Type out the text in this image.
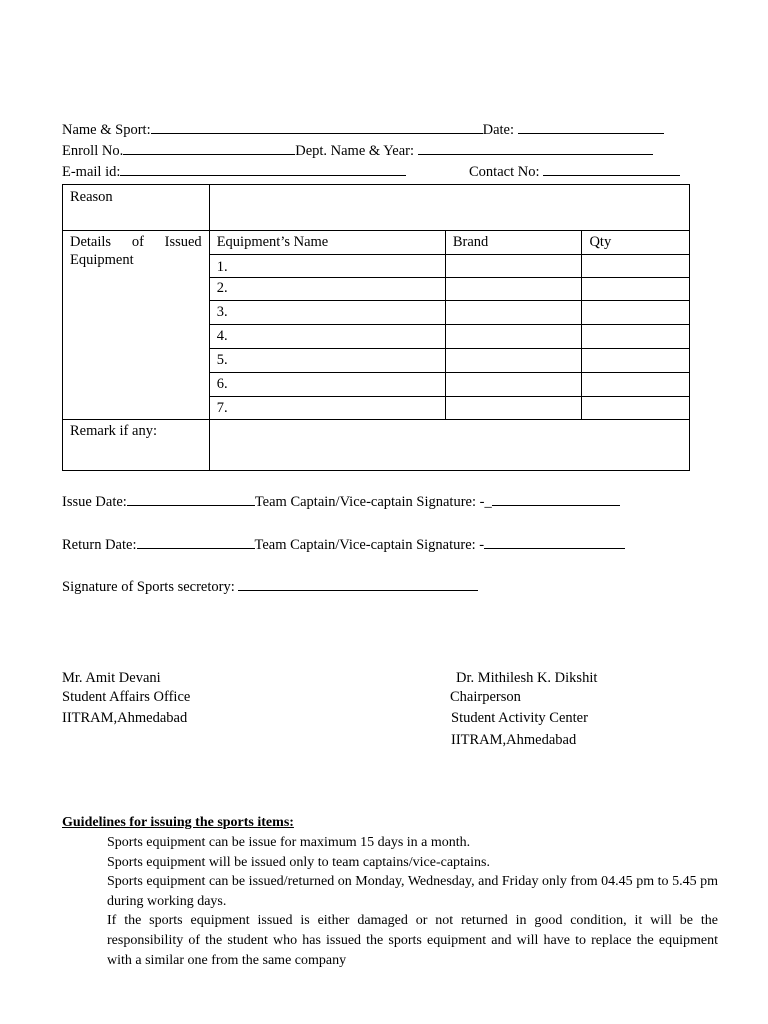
Name & Sport:	Date:
Enroll No.	Dept. Name & Year:
E-mail id:	Contact No:
Reason			
Details of Issued Equipment	Equipment’s Name	Brand	Qty
	1.		
	2.		
	3.		
	4.		
	5.		
	6.		
	7.		
Remark if any:			
Issue Date:	Team Captain/Vice-captain Signature: -_
Return Date:	Team Captain/Vice-captain Signature: -
Signature of Sports secretory:
Mr. Amit Devani
Student Affairs Office
IITRAM,Ahmedabad
Dr. Mithilesh K. Dikshit
Chairperson
Student Activity Center
IITRAM,Ahmedabad
Guidelines for issuing the sports items:

Sports equipment can be issue for maximum 15 days in a month.

Sports equipment will be issued only to team captains/vice-captains.

Sports equipment can be issued/returned on Monday, Wednesday, and Friday only from 04.45 pm to 5.45 pm during working days.

If the sports equipment issued is either damaged or not returned in good condition, it will be the responsibility of the student who has issued the sports equipment and will have to replace the equipment with a similar one from the same company
